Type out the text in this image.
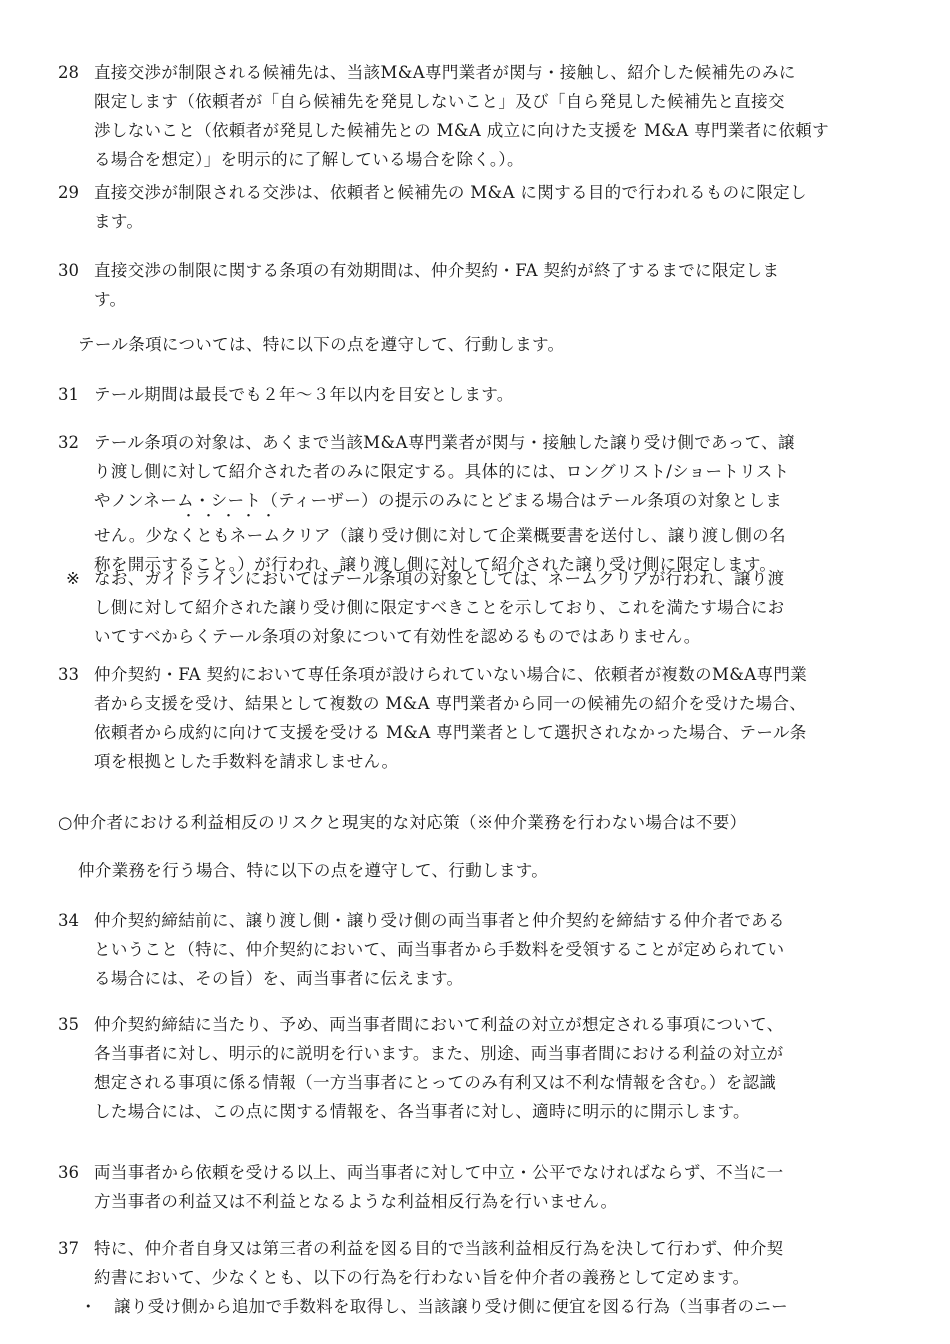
28 直接交渉が制限される候補先は、当該M&A専門業者が関与・接触し、紹介した候補先のみに
限定します（依頼者が「自ら候補先を発見しないこと」及び「自ら発見した候補先と直接交
渉しないこと（依頼者が発見した候補先との M&A 成立に向けた支援を M&A 専門業者に依頼す
る場合を想定）」を明示的に了解している場合を除く。）。
29 直接交渉が制限される交渉は、依頼者と候補先の M&A に関する目的で行われるものに限定し
ます。
30 直接交渉の制限に関する条項の有効期間は、仲介契約・FA 契約が終了するまでに限定しま
す。
テール条項については、特に以下の点を遵守して、行動します。
31 テール期間は最長でも２年～３年以内を目安とします。
32 テール条項の対象は、あくまで当該M&A専門業者が関与・接触した譲り受け側であって、譲
り渡し側に対して紹介された者のみに限定する。具体的には、ロングリスト/ショートリスト
やノンネーム・シート（ティーザー）の提示のみにとどまる場合はテール条項の対象としま
せん。少なくともネームクリア（譲り受け側に対して企業概要書を送付し、譲り渡し側の名
称を開示すること。）が行われ、譲り渡し側に対して紹介された譲り受け側に限定します。
・・・・・
※ なお、ガイドラインにおいてはテール条項の対象としては、ネームクリアが行われ、譲り渡
し側に対して紹介された譲り受け側に限定すべきことを示しており、これを満たす場合にお
いてすべからくテール条項の対象について有効性を認めるものではありません。
33 仲介契約・FA 契約において専任条項が設けられていない場合に、依頼者が複数のM&A専門業
者から支援を受け、結果として複数の M&A 専門業者から同一の候補先の紹介を受けた場合、
依頼者から成約に向けて支援を受ける M&A 専門業者として選択されなかった場合、テール条
項を根拠とした手数料を請求しません。
○仲介者における利益相反のリスクと現実的な対応策（※仲介業務を行わない場合は不要）
仲介業務を行う場合、特に以下の点を遵守して、行動します。
34 仲介契約締結前に、譲り渡し側・譲り受け側の両当事者と仲介契約を締結する仲介者である
ということ（特に、仲介契約において、両当事者から手数料を受領することが定められてい
る場合には、その旨）を、両当事者に伝えます。
35 仲介契約締結に当たり、予め、両当事者間において利益の対立が想定される事項について、
各当事者に対し、明示的に説明を行います。また、別途、両当事者間における利益の対立が
想定される事項に係る情報（一方当事者にとってのみ有利又は不利な情報を含む。）を認識
した場合には、この点に関する情報を、各当事者に対し、適時に明示的に開示します。
36 両当事者から依頼を受ける以上、両当事者に対して中立・公平でなければならず、不当に一
方当事者の利益又は不利益となるような利益相反行為を行いません。
37 特に、仲介者自身又は第三者の利益を図る目的で当該利益相反行為を決して行わず、仲介契
約書において、少なくとも、以下の行為を行わない旨を仲介者の義務として定めます。
・ 譲り受け側から追加で手数料を取得し、当該譲り受け側に便宜を図る行為（当事者のニー
